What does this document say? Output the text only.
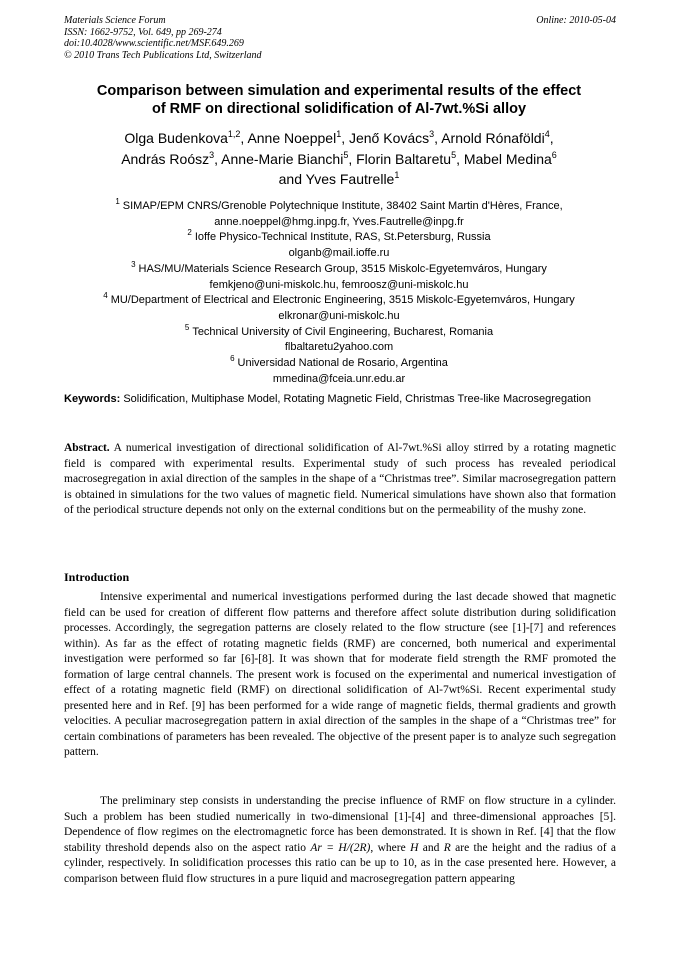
Materials Science Forum
ISSN: 1662-9752, Vol. 649, pp 269-274
doi:10.4028/www.scientific.net/MSF.649.269
© 2010 Trans Tech Publications Ltd, Switzerland
Online: 2010-05-04
Comparison between simulation and experimental results of the effect
of RMF on directional solidification of Al-7wt.%Si alloy
Olga Budenkova$^{1,2}$, Anne Noeppel$^1$, Jenő Kovács$^3$, Arnold Rónaföldi$^4$,
András Roósz$^3$, Anne-Marie Bianchi$^5$, Florin Baltaretu$^5$, Mabel Medina$^6$
and Yves Fautrelle$^1$
$^1$ SIMAP/EPM CNRS/Grenoble Polytechnique Institute, 38402 Saint Martin d'Hères, France,
anne.noeppel@hmg.inpg.fr, Yves.Fautrelle@inpg.fr
$^2$ Ioffe Physico-Technical Institute, RAS, St.Petersburg, Russia
olganb@mail.ioffe.ru
$^3$ HAS/MU/Materials Science Research Group, 3515 Miskolc-Egyetemváros, Hungary
femkjeno@uni-miskolc.hu, femroosz@uni-miskolc.hu
$^4$ MU/Department of Electrical and Electronic Engineering, 3515 Miskolc-Egyetemváros, Hungary
elkronar@uni-miskolc.hu
$^5$ Technical University of Civil Engineering, Bucharest, Romania
flbaltaretu2yahoo.com
$^6$ Universidad National de Rosario, Argentina
mmedina@fceia.unr.edu.ar
Keywords: Solidification, Multiphase Model, Rotating Magnetic Field, Christmas Tree-like Macrosegregation
Abstract. A numerical investigation of directional solidification of Al-7wt.%Si alloy stirred by a rotating magnetic field is compared with experimental results. Experimental study of such process has revealed periodical macrosegregation in axial direction of the samples in the shape of a “Christmas tree”. Similar macrosegregation pattern is obtained in simulations for the two values of magnetic field. Numerical simulations have shown also that formation of the periodical structure depends not only on the external conditions but on the permeability of the mushy zone.
Introduction
Intensive experimental and numerical investigations performed during the last decade showed that magnetic field can be used for creation of different flow patterns and therefore affect solute distribution during solidification processes. Accordingly, the segregation patterns are closely related to the flow structure (see [1]-[7] and references within). As far as the effect of rotating magnetic fields (RMF) are concerned, both numerical and experimental investigation were performed so far [6]-[8]. It was shown that for moderate field strength the RMF promoted the formation of large central channels. The present work is focused on the experimental and numerical investigation of effect of a rotating magnetic field (RMF) on directional solidification of Al-7wt%Si. Recent experimental study presented here and in Ref. [9] has been performed for a wide range of magnetic fields, thermal gradients and growth velocities. A peculiar macrosegregation pattern in axial direction of the samples in the shape of a “Christmas tree” for certain combinations of parameters has been revealed. The objective of the present paper is to analyze such segregation pattern.
The preliminary step consists in understanding the precise influence of RMF on flow structure in a cylinder. Such a problem has been studied numerically in two-dimensional [1]-[4] and three-dimensional approaches [5]. Dependence of flow regimes on the electromagnetic force has been demonstrated. It is shown in Ref. [4] that the flow stability threshold depends also on the aspect ratio Ar = H/(2R), where H and R are the height and the radius of a cylinder, respectively. In solidification processes this ratio can be up to 10, as in the case presented here. However, a comparison between fluid flow structures in a pure liquid and macrosegregation pattern appearing
